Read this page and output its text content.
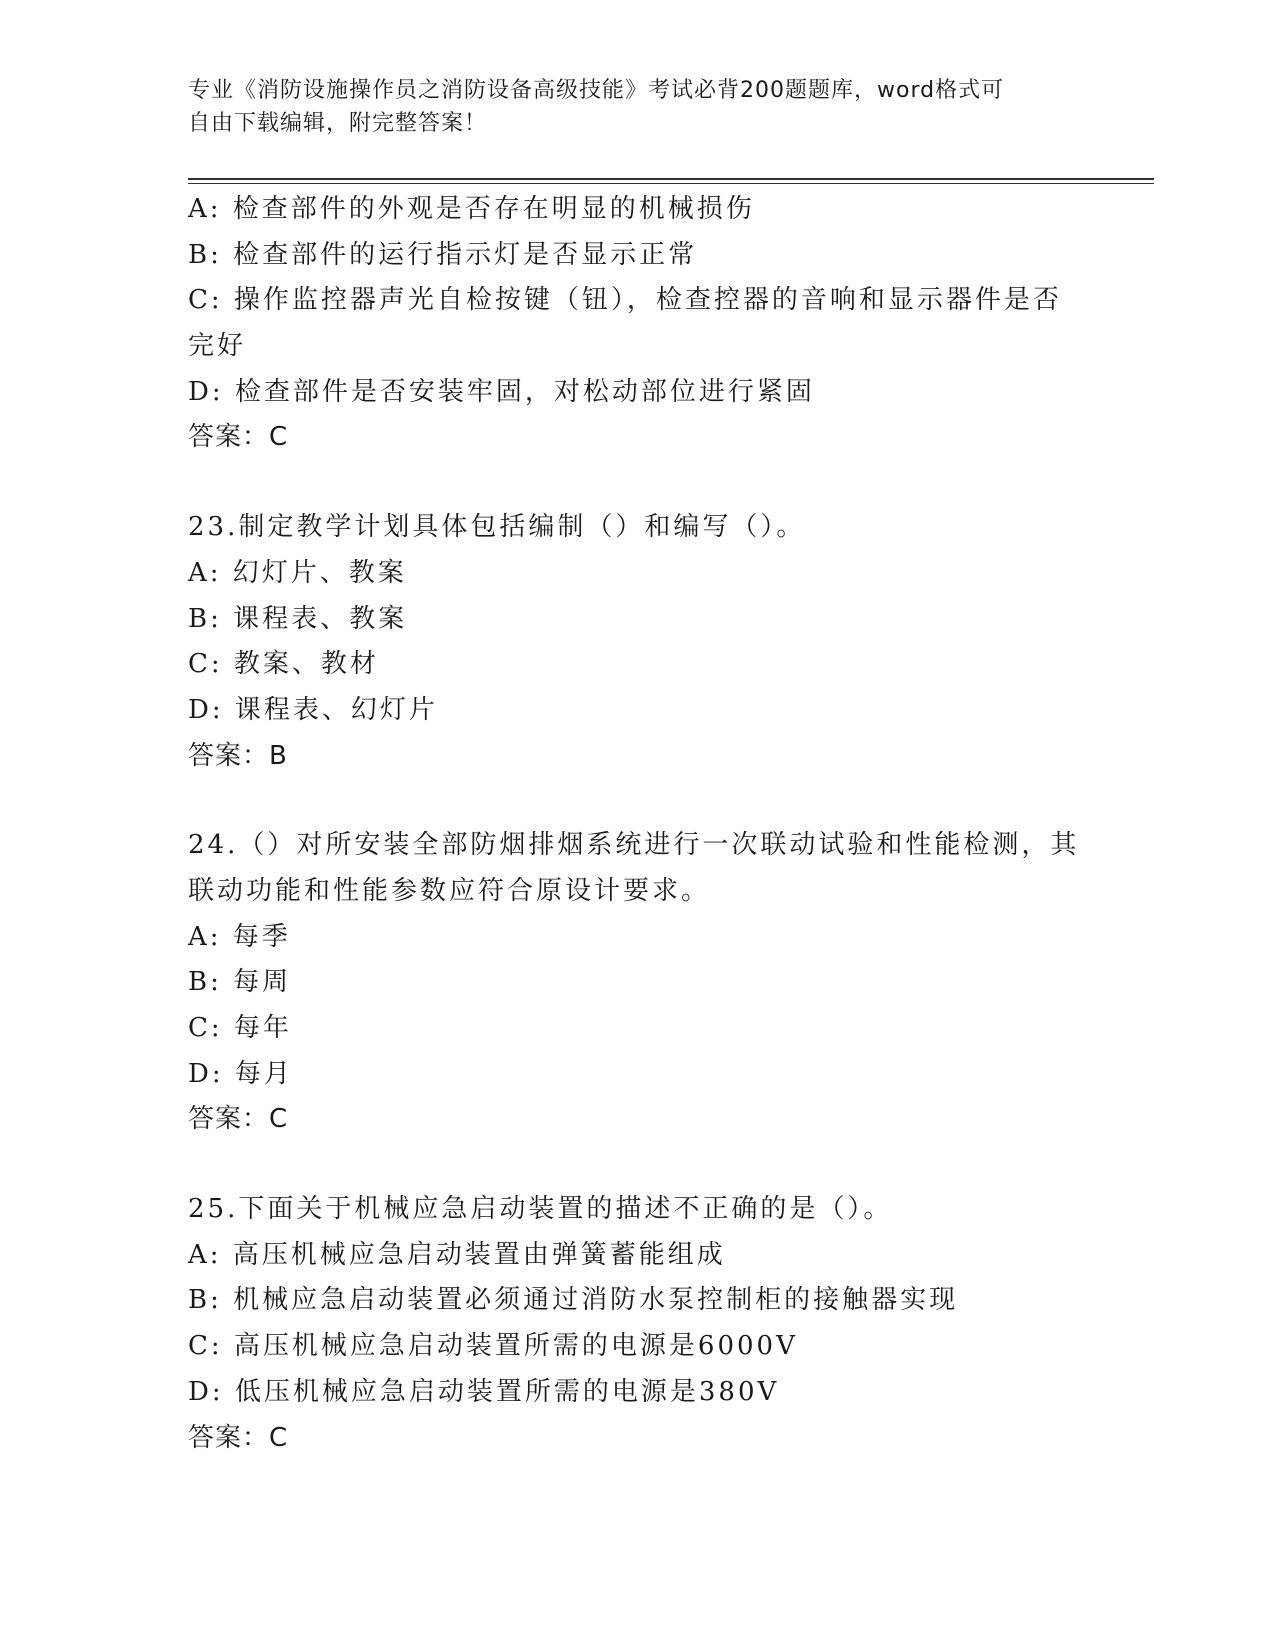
专业《消防设施操作员之消防设备高级技能》考试必背200题题库，word格式可
自由下载编辑，附完整答案！
A: 检查部件的外观是否存在明显的机械损伤
B: 检查部件的运行指示灯是否显示正常
C: 操作监控器声光自检按键（钮），检查控器的音响和显示器件是否
完好
D: 检查部件是否安装牢固，对松动部位进行紧固
答案：C
23.制定教学计划具体包括编制（）和编写（）。
A: 幻灯片、教案
B: 课程表、教案
C: 教案、教材
D: 课程表、幻灯片
答案：B
24.（）对所安装全部防烟排烟系统进行一次联动试验和性能检测，其
联动功能和性能参数应符合原设计要求。
A: 每季
B: 每周
C: 每年
D: 每月
答案：C
25.下面关于机械应急启动装置的描述不正确的是（）。
A: 高压机械应急启动装置由弹簧蓄能组成
B: 机械应急启动装置必须通过消防水泵控制柜的接触器实现
C: 高压机械应急启动装置所需的电源是6000V
D: 低压机械应急启动装置所需的电源是380V
答案：C
